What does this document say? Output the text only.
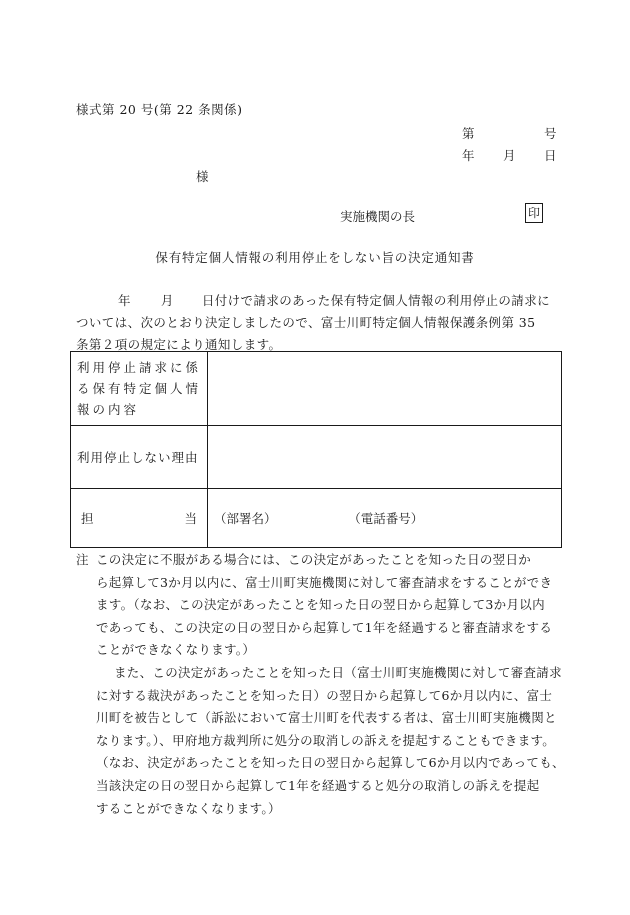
様式第 20 号(第 22 条関係)
第	号
年 月 日
様
実施機関の長	印
保有特定個人情報の利用停止をしない旨の決定通知書
年 月 日付けで請求のあった保有特定個人情報の利用停止の請求に
ついては、次のとおり決定しましたので、富士川町特定個人情報保護条例第 35
条第２項の規定により通知します。
利用停止請求に係る保有特定個人情報の内容	
利用停止しない理由	

担 当	（部署名） （電話番号）
注 この決定に不服がある場合には、この決定があったことを知った日の翌日か
ら起算して3か月以内に、富士川町実施機関に対して審査請求をすることができ
ます。（なお、この決定があったことを知った日の翌日から起算して3か月以内
であっても、この決定の日の翌日から起算して1年を経過すると審査請求をする
ことができなくなります。）
また、この決定があったことを知った日（富士川町実施機関に対して審査請求
に対する裁決があったことを知った日）の翌日から起算して6か月以内に、富士
川町を被告として（訴訟において富士川町を代表する者は、富士川町実施機関と
なります。）、甲府地方裁判所に処分の取消しの訴えを提起することもできます。
（なお、決定があったことを知った日の翌日から起算して6か月以内であっても、
当該決定の日の翌日から起算して1年を経過すると処分の取消しの訴えを提起
することができなくなります。）
